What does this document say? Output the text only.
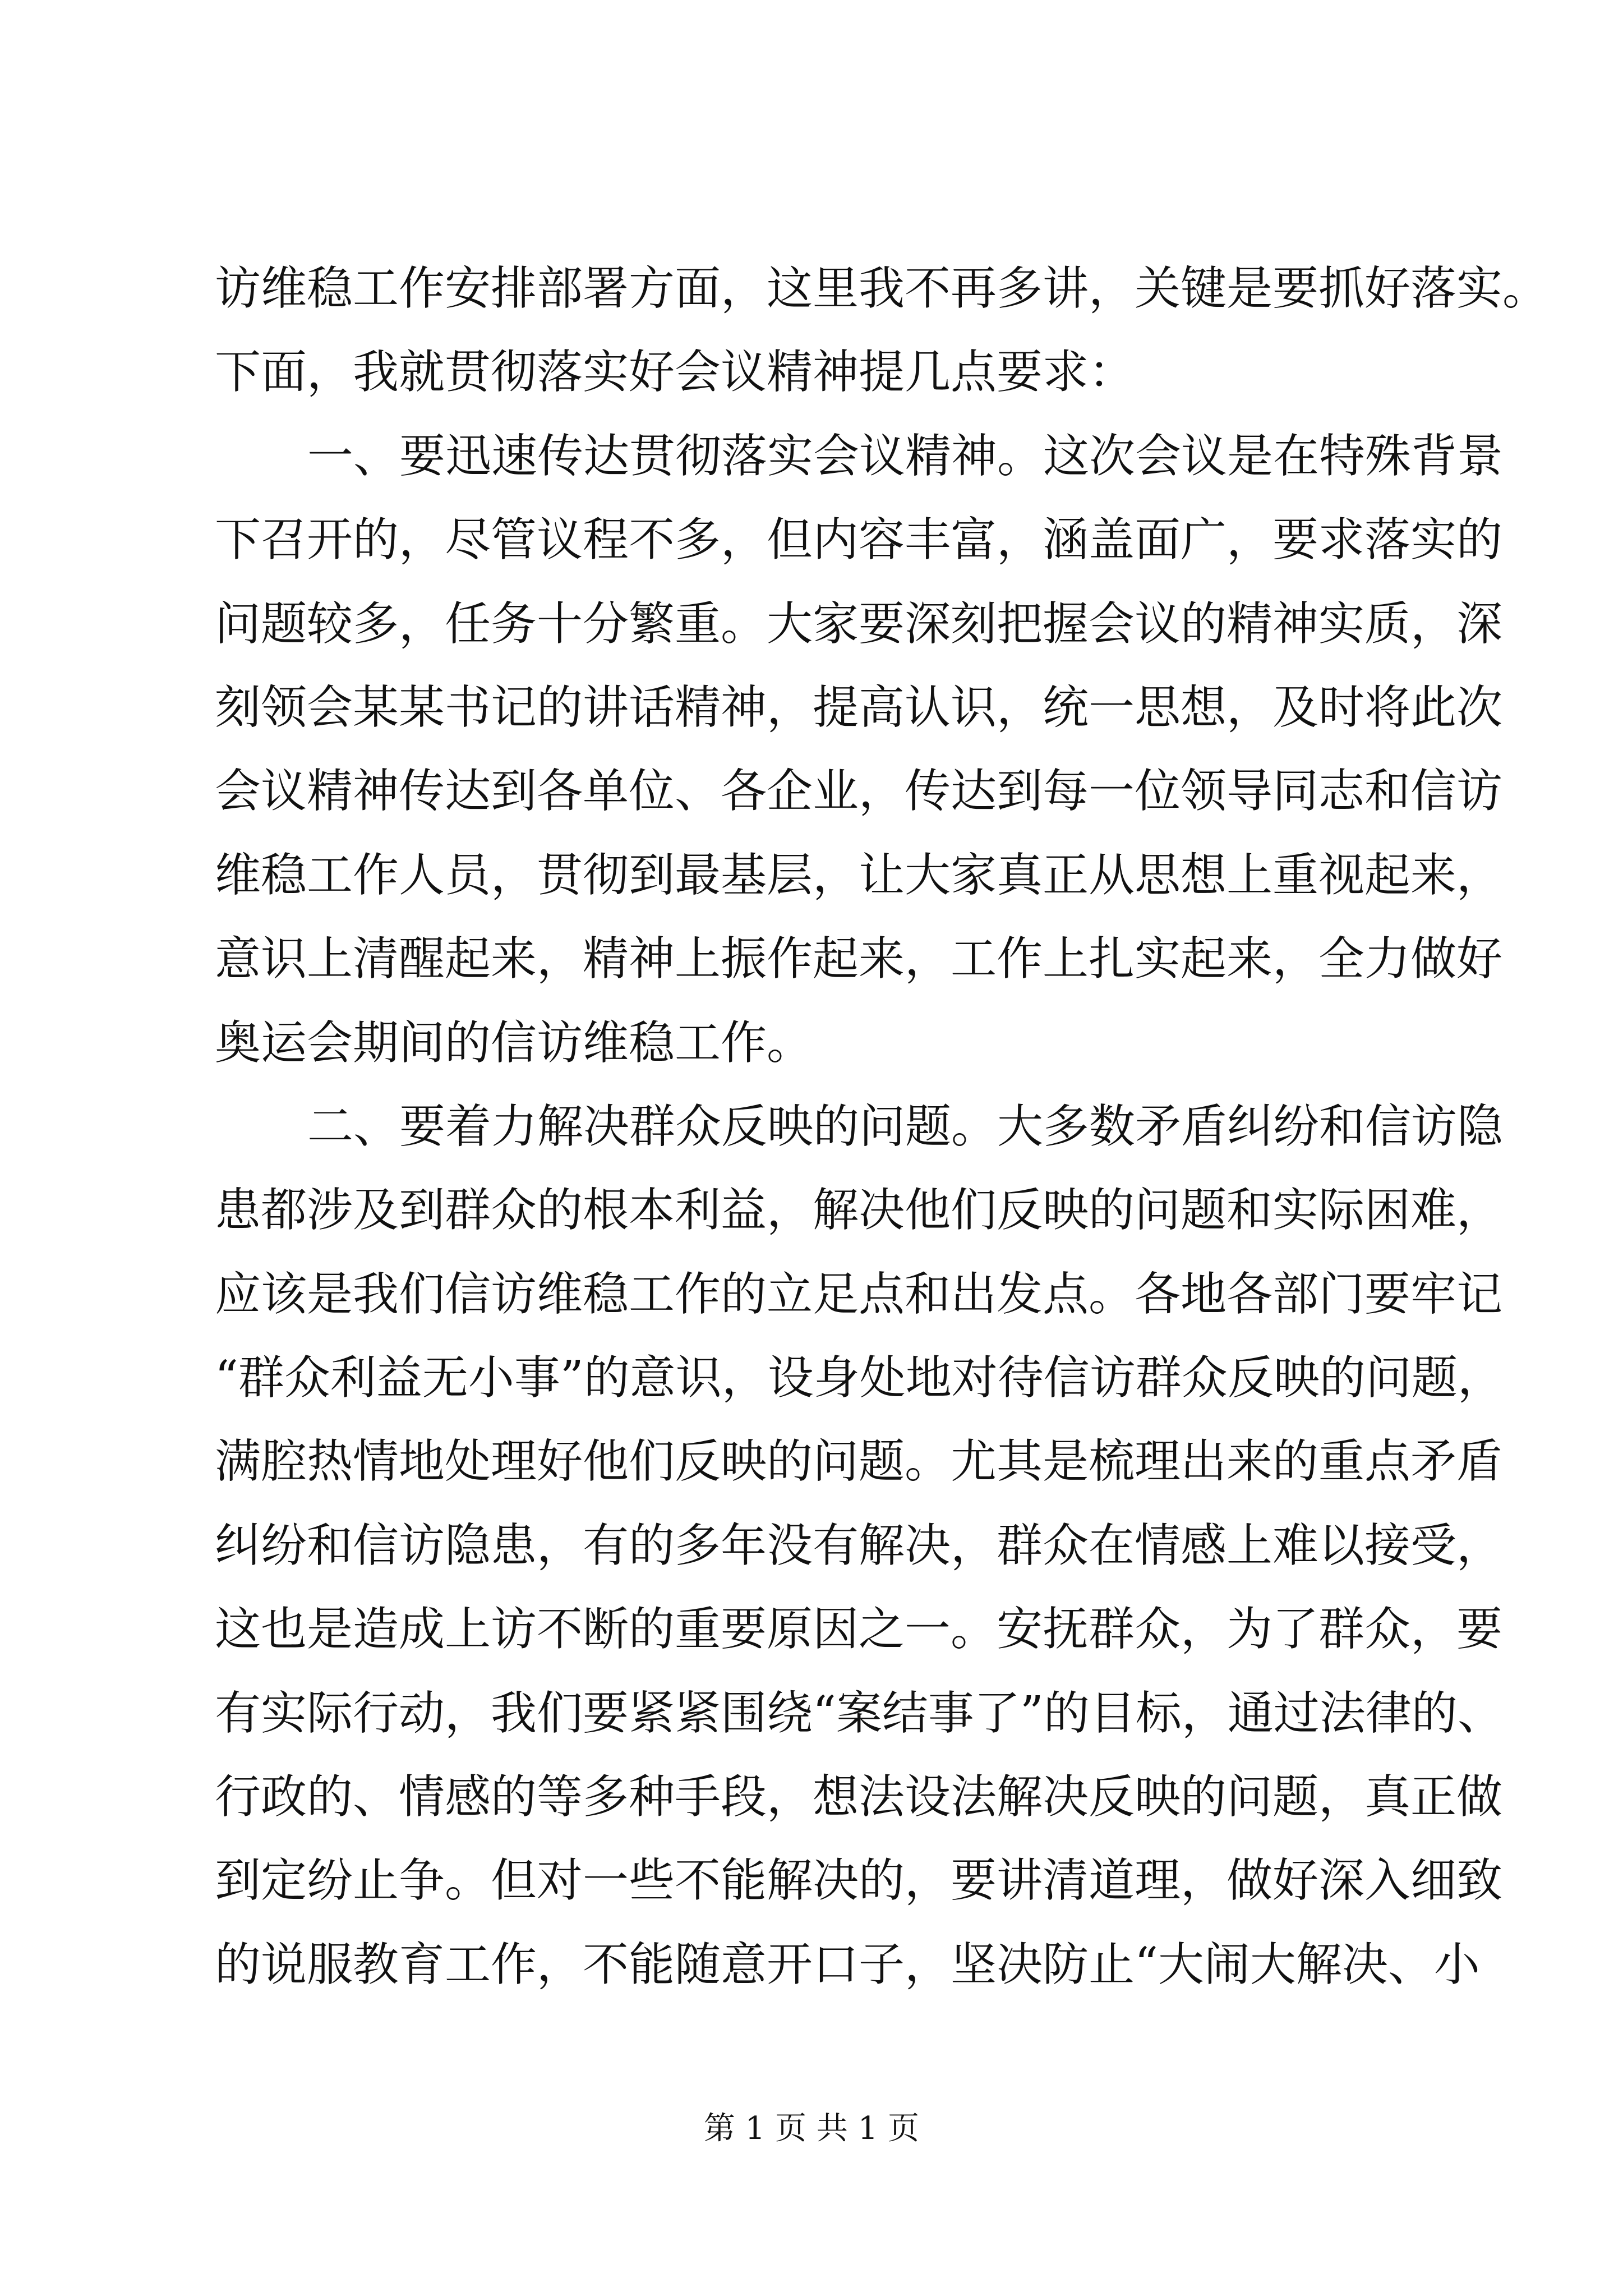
访维稳工作安排部署方面，这里我不再多讲，关键是要抓好落实。
下面，我就贯彻落实好会议精神提几点要求：
一、要迅速传达贯彻落实会议精神。这次会议是在特殊背景
下召开的，尽管议程不多，但内容丰富，涵盖面广，要求落实的
问题较多，任务十分繁重。大家要深刻把握会议的精神实质，深
刻领会某某书记的讲话精神，提高认识，统一思想，及时将此次
会议精神传达到各单位、各企业，传达到每一位领导同志和信访
维稳工作人员，贯彻到最基层，让大家真正从思想上重视起来，
意识上清醒起来，精神上振作起来，工作上扎实起来，全力做好
奥运会期间的信访维稳工作。
二、要着力解决群众反映的问题。大多数矛盾纠纷和信访隐
患都涉及到群众的根本利益，解决他们反映的问题和实际困难，
应该是我们信访维稳工作的立足点和出发点。各地各部门要牢记
“群众利益无小事”的意识，设身处地对待信访群众反映的问题，
满腔热情地处理好他们反映的问题。尤其是梳理出来的重点矛盾
纠纷和信访隐患，有的多年没有解决，群众在情感上难以接受，
这也是造成上访不断的重要原因之一。安抚群众，为了群众，要
有实际行动，我们要紧紧围绕“案结事了”的目标，通过法律的、
行政的、情感的等多种手段，想法设法解决反映的问题，真正做
到定纷止争。但对一些不能解决的，要讲清道理，做好深入细致
的说服教育工作，不能随意开口子，坚决防止“大闹大解决、小
第 1 页 共 1 页
